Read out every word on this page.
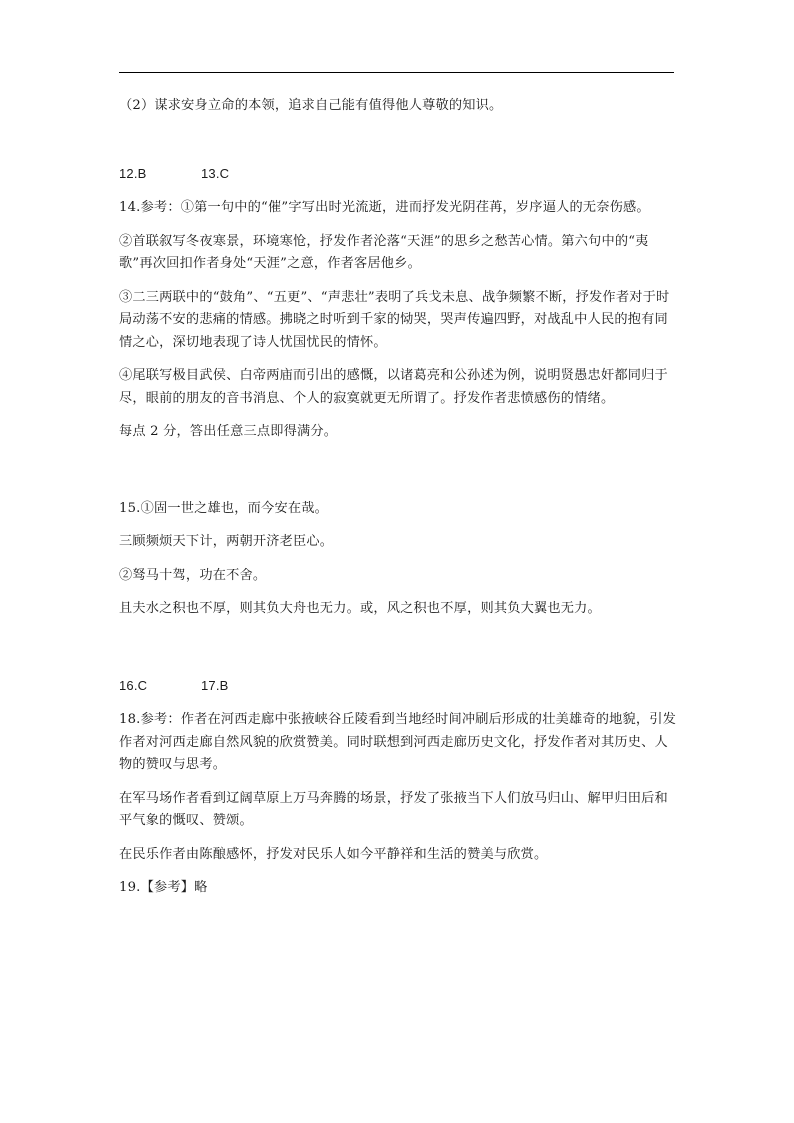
（2）谋求安身立命的本领，追求自己能有值得他人尊敬的知识。

12.B	13.C

14.参考：①第一句中的“催”字写出时光流逝，进而抒发光阴荏苒，岁序逼人的无奈伤感。

②首联叙写冬夜寒景，环境寒怆，抒发作者沦落“天涯”的思乡之愁苦心情。第六句中的“夷歌”再次回扣作者身处“天涯”之意，作者客居他乡。

③二三两联中的“鼓角”、“五更”、“声悲壮”表明了兵戈未息、战争频繁不断，抒发作者对于时局动荡不安的悲痛的情感。拂晓之时听到千家的恸哭，哭声传遍四野，对战乱中人民的抱有同情之心，深切地表现了诗人忧国忧民的情怀。

④尾联写极目武侯、白帝两庙而引出的感慨，以诸葛亮和公孙述为例，说明贤愚忠奸都同归于尽，眼前的朋友的音书消息、个人的寂寞就更无所谓了。抒发作者悲愤感伤的情绪。

每点 2 分，答出任意三点即得满分。

15.①固一世之雄也，而今安在哉。

三顾频烦天下计，两朝开济老臣心。

②驽马十驾，功在不舍。

且夫水之积也不厚，则其负大舟也无力。或，风之积也不厚，则其负大翼也无力。

16.C	17.B

18.参考：作者在河西走廊中张掖峡谷丘陵看到当地经时间冲刷后形成的壮美雄奇的地貌，引发作者对河西走廊自然风貌的欣赏赞美。同时联想到河西走廊历史文化，抒发作者对其历史、人物的赞叹与思考。

在军马场作者看到辽阔草原上万马奔腾的场景，抒发了张掖当下人们放马归山、解甲归田后和平气象的慨叹、赞颂。

在民乐作者由陈酿感怀，抒发对民乐人如今平静祥和生活的赞美与欣赏。

19.【参考】略
